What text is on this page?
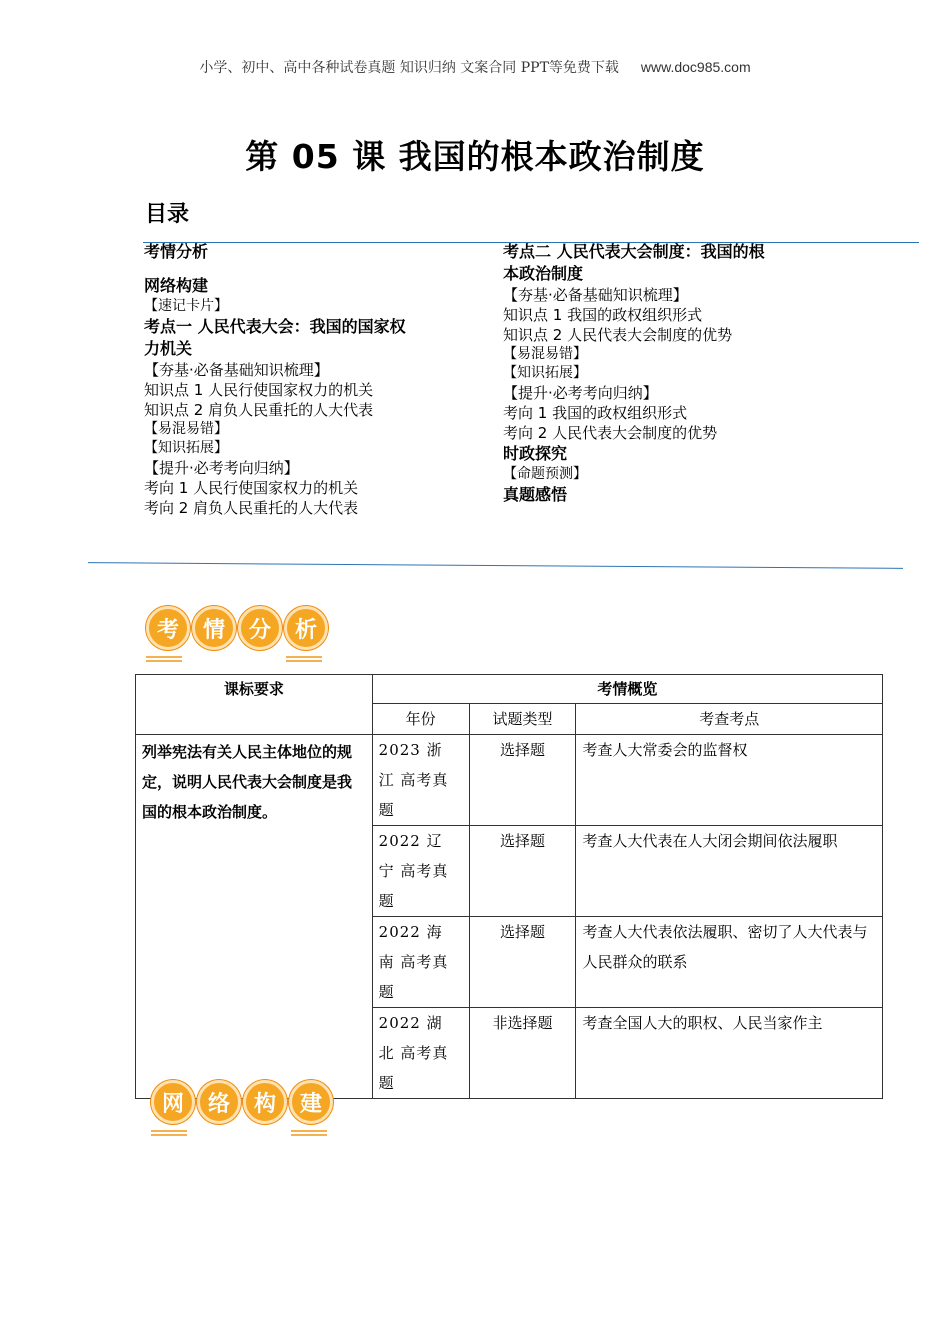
小学、初中、高中各种试卷真题 知识归纳 文案合同 PPT等免费下载 www.doc985.com
第 05 课 我国的根本政治制度
目录
考情分析
网络构建
【速记卡片】
考点一 人民代表大会：我国的国家权
力机关
【夯基·必备基础知识梳理】
知识点 1 人民行使国家权力的机关
知识点 2 肩负人民重托的人大代表
【易混易错】
【知识拓展】
【提升·必考考向归纳】
考向 1 人民行使国家权力的机关
考向 2 肩负人民重托的人大代表
考点二 人民代表大会制度：我国的根
本政治制度
【夯基·必备基础知识梳理】
知识点 1 我国的政权组织形式
知识点 2 人民代表大会制度的优势
【易混易错】
【知识拓展】
【提升·必考考向归纳】
考向 1 我国的政权组织形式
考向 2 人民代表大会制度的优势
时政探究
【命题预测】
真题感悟
考	情	分	析
课标要求	考情概览		
	年份	试题类型	考查考点
列举宪法有关人民主体地位的规定，说明人民代表大会制度是我国的根本政治制度。	2023 浙 江 高考真题	选择题	考查人大常委会的监督权
	2022 辽 宁 高考真题	选择题	考查人大代表在人大闭会期间依法履职
	2022 海 南 高考真题	选择题	考查人大代表依法履职、密切了人大代表与人民群众的联系
	2022 湖 北 高考真题	非选择题	考查全国人大的职权、人民当家作主
网	络	构	建
